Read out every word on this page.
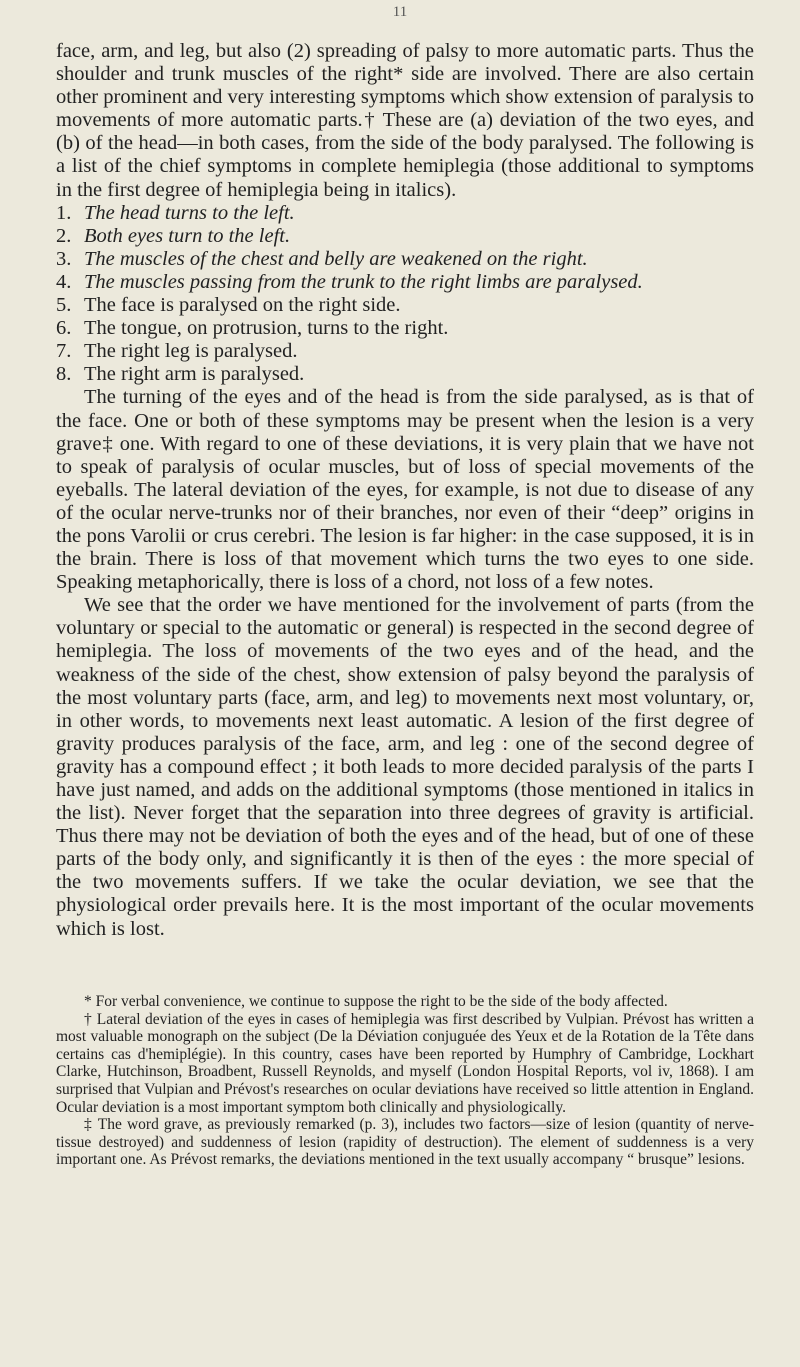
11

face, arm, and leg, but also (2) spreading of palsy to more automatic parts. Thus the shoulder and trunk muscles of the right* side are involved. There are also certain other prominent and very interesting symptoms which show extension of paralysis to movements of more automatic parts.† These are (a) deviation of the two eyes, and (b) of the head—in both cases, from the side of the body paralysed. The following is a list of the chief symptoms in complete hemiplegia (those additional to symptoms in the first degree of hemiplegia being in italics).

1. The head turns to the left.

2. Both eyes turn to the left.

3. The muscles of the chest and belly are weakened on the right.

4. The muscles passing from the trunk to the right limbs are paralysed.

5. The face is paralysed on the right side.

6. The tongue, on protrusion, turns to the right.

7. The right leg is paralysed.

8. The right arm is paralysed.

The turning of the eyes and of the head is from the side paralysed, as is that of the face. One or both of these symptoms may be present when the lesion is a very grave‡ one. With regard to one of these deviations, it is very plain that we have not to speak of paralysis of ocular muscles, but of loss of special movements of the eyeballs. The lateral deviation of the eyes, for example, is not due to disease of any of the ocular nerve-trunks nor of their branches, nor even of their “deep” origins in the pons Varolii or crus cerebri. The lesion is far higher: in the case supposed, it is in the brain. There is loss of that movement which turns the two eyes to one side. Speaking metaphorically, there is loss of a chord, not loss of a few notes.

We see that the order we have mentioned for the involvement of parts (from the voluntary or special to the automatic or general) is respected in the second degree of hemiplegia. The loss of movements of the two eyes and of the head, and the weakness of the side of the chest, show extension of palsy beyond the paralysis of the most voluntary parts (face, arm, and leg) to movements next most voluntary, or, in other words, to movements next least automatic. A lesion of the first degree of gravity produces paralysis of the face, arm, and leg : one of the second degree of gravity has a compound effect ; it both leads to more decided paralysis of the parts I have just named, and adds on the additional symptoms (those mentioned in italics in the list). Never forget that the separation into three degrees of gravity is artificial. Thus there may not be deviation of both the eyes and of the head, but of one of these parts of the body only, and significantly it is then of the eyes : the more special of the two movements suffers. If we take the ocular deviation, we see that the physiological order prevails here. It is the most important of the ocular movements which is lost.

* For verbal convenience, we continue to suppose the right to be the side of the body affected.

† Lateral deviation of the eyes in cases of hemiplegia was first described by Vulpian. Prévost has written a most valuable monograph on the subject (De la Déviation conjuguée des Yeux et de la Rotation de la Tête dans certains cas d'hemiplégie). In this country, cases have been reported by Humphry of Cambridge, Lockhart Clarke, Hutchinson, Broadbent, Russell Reynolds, and myself (London Hospital Reports, vol iv, 1868). I am surprised that Vulpian and Prévost's researches on ocular deviations have received so little attention in England. Ocular deviation is a most important symptom both clinically and physiologically.

‡ The word grave, as previously remarked (p. 3), includes two factors—size of lesion (quantity of nerve-tissue destroyed) and suddenness of lesion (rapidity of destruction). The element of suddenness is a very important one. As Prévost remarks, the deviations mentioned in the text usually accompany “ brusque” lesions.
